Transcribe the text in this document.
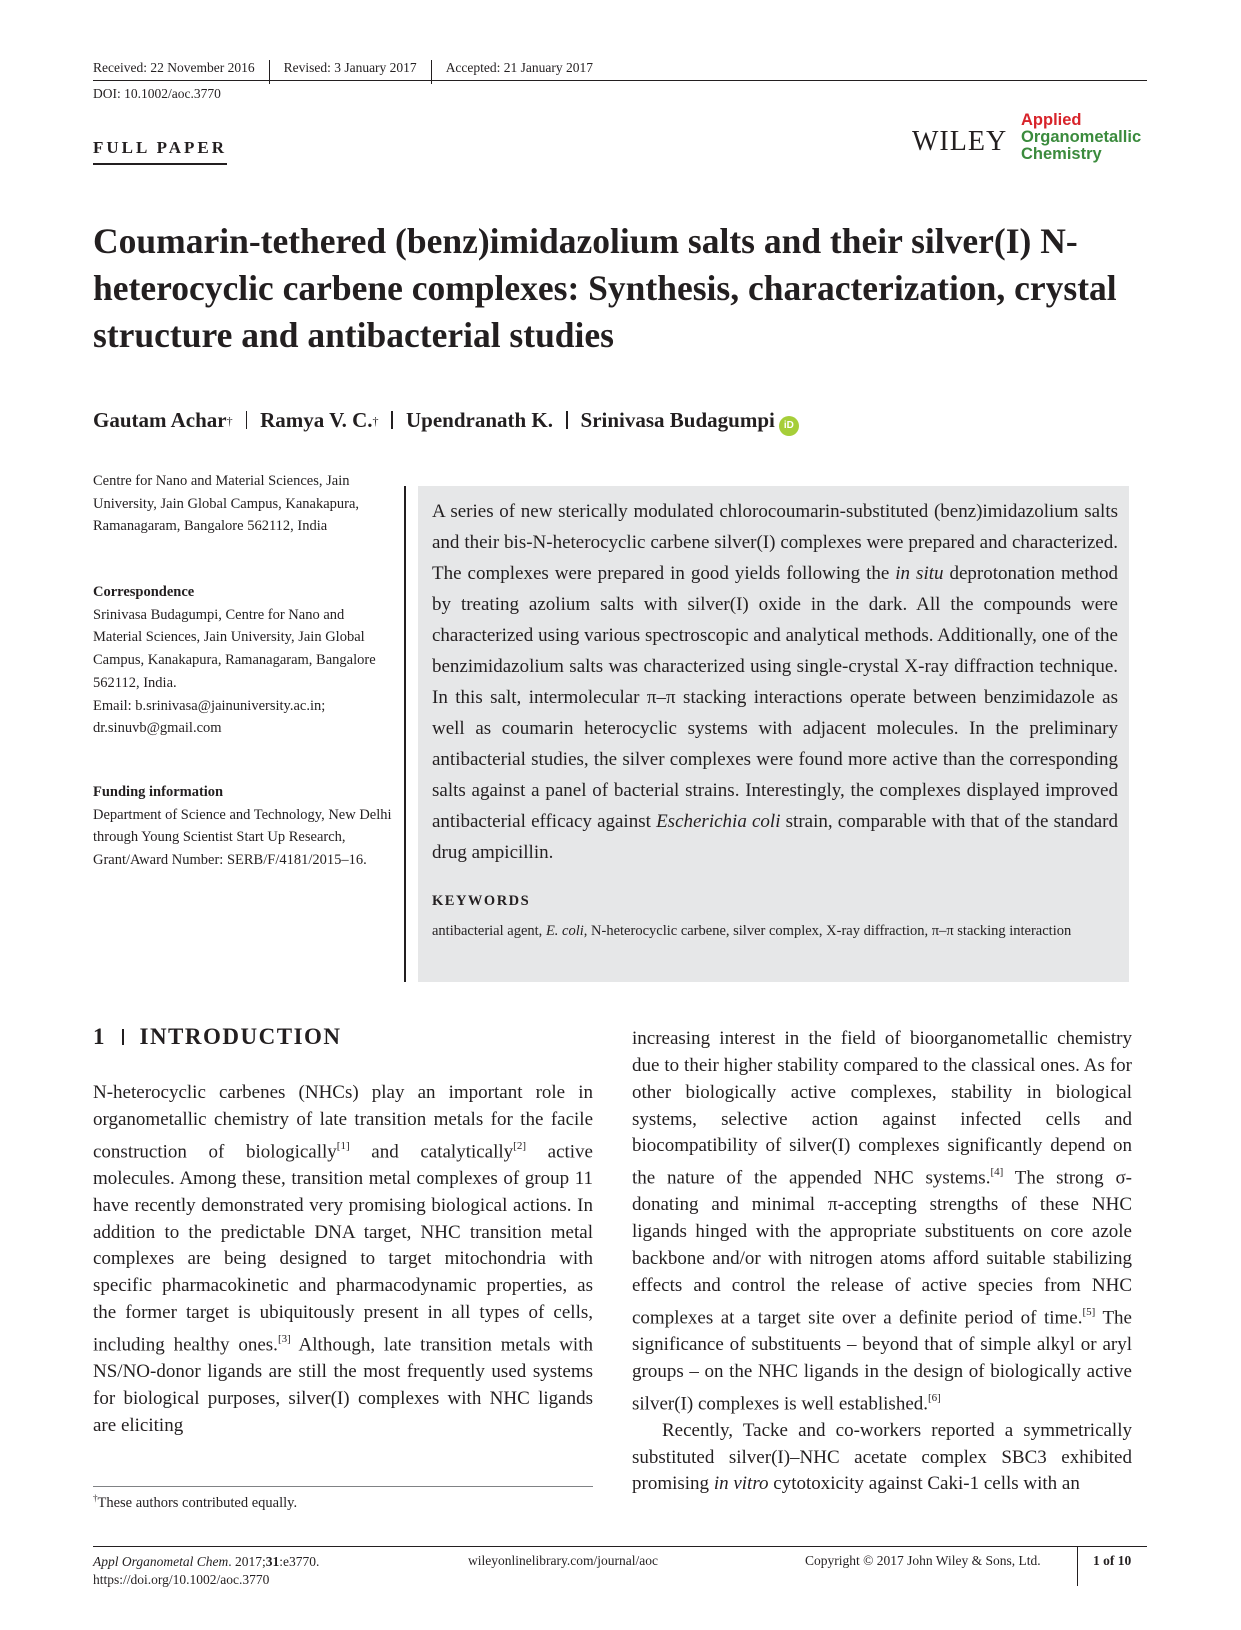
Received: 22 November 2016 Revised: 3 January 2017 Accepted: 21 January 2017
DOI: 10.1002/aoc.3770
FULL PAPER	WILEY
Applied
Organometallic
Chemistry
Coumarin-tethered (benz)imidazolium salts and their silver(I) N-heterocyclic carbene complexes: Synthesis, characterization, crystal structure and antibacterial studies
Gautam Achar† Ramya V. C.† Upendranath K. Srinivasa Budagumpi iD
Centre for Nano and Material Sciences, Jain University, Jain Global Campus, Kanakapura, Ramanagaram, Bangalore 562112, India
Correspondence
Srinivasa Budagumpi, Centre for Nano and Material Sciences, Jain University, Jain Global Campus, Kanakapura, Ramanagaram, Bangalore 562112, India.
Email: b.srinivasa@jainuniversity.ac.in; dr.sinuvb@gmail.com
Funding information
Department of Science and Technology, New Delhi through Young Scientist Start Up Research, Grant/Award Number: SERB/F/4181/2015–16.
A series of new sterically modulated chlorocoumarin-substituted (benz)imidazolium salts and their bis-N-heterocyclic carbene silver(I) complexes were prepared and characterized. The complexes were prepared in good yields following the in situ deprotonation method by treating azolium salts with silver(I) oxide in the dark. All the compounds were characterized using various spectroscopic and analytical methods. Additionally, one of the benzimidazolium salts was characterized using single-crystal X-ray diffraction technique. In this salt, intermolecular π–π stacking interactions operate between benzimidazole as well as coumarin heterocyclic systems with adjacent molecules. In the preliminary antibacterial studies, the silver complexes were found more active than the corresponding salts against a panel of bacterial strains. Interestingly, the complexes displayed improved antibacterial efficacy against Escherichia coli strain, comparable with that of the standard drug ampicillin.
KEYWORDS
antibacterial agent, E. coli, N-heterocyclic carbene, silver complex, X-ray diffraction, π–π stacking interaction
1 INTRODUCTION
N-heterocyclic carbenes (NHCs) play an important role in organometallic chemistry of late transition metals for the facile construction of biologically[1] and catalytically[2] active molecules. Among these, transition metal complexes of group 11 have recently demonstrated very promising biological actions. In addition to the predictable DNA target, NHC transition metal complexes are being designed to target mitochondria with specific pharmacokinetic and pharmacodynamic properties, as the former target is ubiquitously present in all types of cells, including healthy ones.[3] Although, late transition metals with NS/NO-donor ligands are still the most frequently used systems for biological purposes, silver(I) complexes with NHC ligands are eliciting
increasing interest in the field of bioorganometallic chemistry due to their higher stability compared to the classical ones. As for other biologically active complexes, stability in biological systems, selective action against infected cells and biocompatibility of silver(I) complexes significantly depend on the nature of the appended NHC systems.[4] The strong σ-donating and minimal π-accepting strengths of these NHC ligands hinged with the appropriate substituents on core azole backbone and/or with nitrogen atoms afford suitable stabilizing effects and control the release of active species from NHC complexes at a target site over a definite period of time.[5] The significance of substituents – beyond that of simple alkyl or aryl groups – on the NHC ligands in the design of biologically active silver(I) complexes is well established.[6]
Recently, Tacke and co-workers reported a symmetrically substituted silver(I)–NHC acetate complex SBC3 exhibited promising in vitro cytotoxicity against Caki-1 cells with an
†These authors contributed equally.
Appl Organometal Chem. 2017;31:e3770.
https://doi.org/10.1002/aoc.3770
wileyonlinelibrary.com/journal/aoc	Copyright © 2017 John Wiley & Sons, Ltd.	1 of 10
